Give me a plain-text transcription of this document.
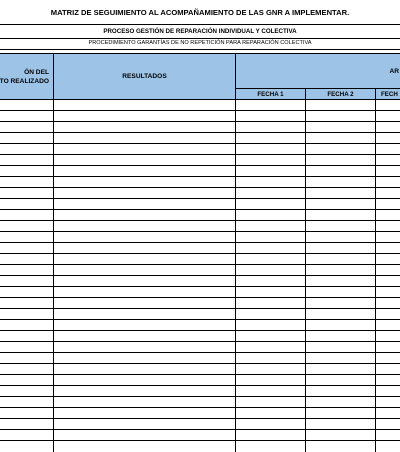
MATRIZ DE SEGUIMIENTO AL ACOMPAÑAMIENTO DE LAS GNR A IMPLEMENTAR.
PROCESO GESTIÓN DE REPARACIÓN INDIVIDUAL Y COLECTIVA
PROCEDIMIENTO GARANTÍAS DE NO REPETICIÓN PARA REPARACIÓN COLECTIVA
ÓN DEL
TO REALIZADO
RESULTADOS
AR
FECHA 1	FECHA 2	FECH
